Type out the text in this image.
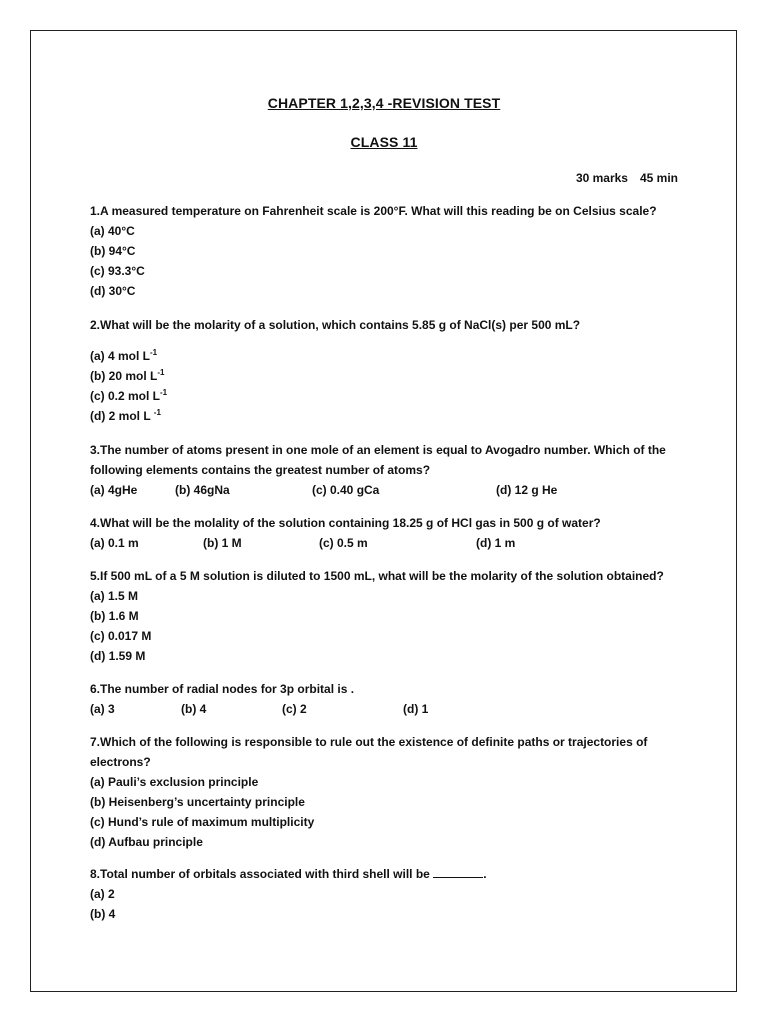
CHAPTER 1,2,3,4 -REVISION TEST
CLASS 11
30 marks 45 min

1.A measured temperature on Fahrenheit scale is 200°F. What will this reading be on Celsius scale?

(a) 40°C

(b) 94°C

(c) 93.3°C

(d) 30°C

2.What will be the molarity of a solution, which contains 5.85 g of NaCl(s) per 500 mL?

(a) 4 mol $L^{-1}$

(b) 20 mol $L^{-1}$

(c) 0.2 mol $L^{-1}$

(d) 2 mol L $^{-1}$

3.The number of atoms present in one mole of an element is equal to Avogadro number. Which of the

following elements contains the greatest number of atoms?

(a) 4gHe	(b) 46gNa	(c) 0.40 gCa	(d) 12 g He

4.What will be the molality of the solution containing 18.25 g of HCl gas in 500 g of water?

(a) 0.1 m	(b) 1 M	(c) 0.5 m	(d) 1 m

5.If 500 mL of a 5 M solution is diluted to 1500 mL, what will be the molarity of the solution obtained?

(a) 1.5 M

(b) 1.6 M

(c) 0.017 M

(d) 1.59 M

6.The number of radial nodes for 3p orbital is .

(a) 3	(b) 4	(c) 2	(d) 1

7.Which of the following is responsible to rule out the existence of definite paths or trajectories of

electrons?

(a) Pauli’s exclusion principle

(b) Heisenberg’s uncertainty principle

(c) Hund’s rule of maximum multiplicity

(d) Aufbau principle

8.Total number of orbitals associated with third shell will be	.

(a) 2

(b) 4
